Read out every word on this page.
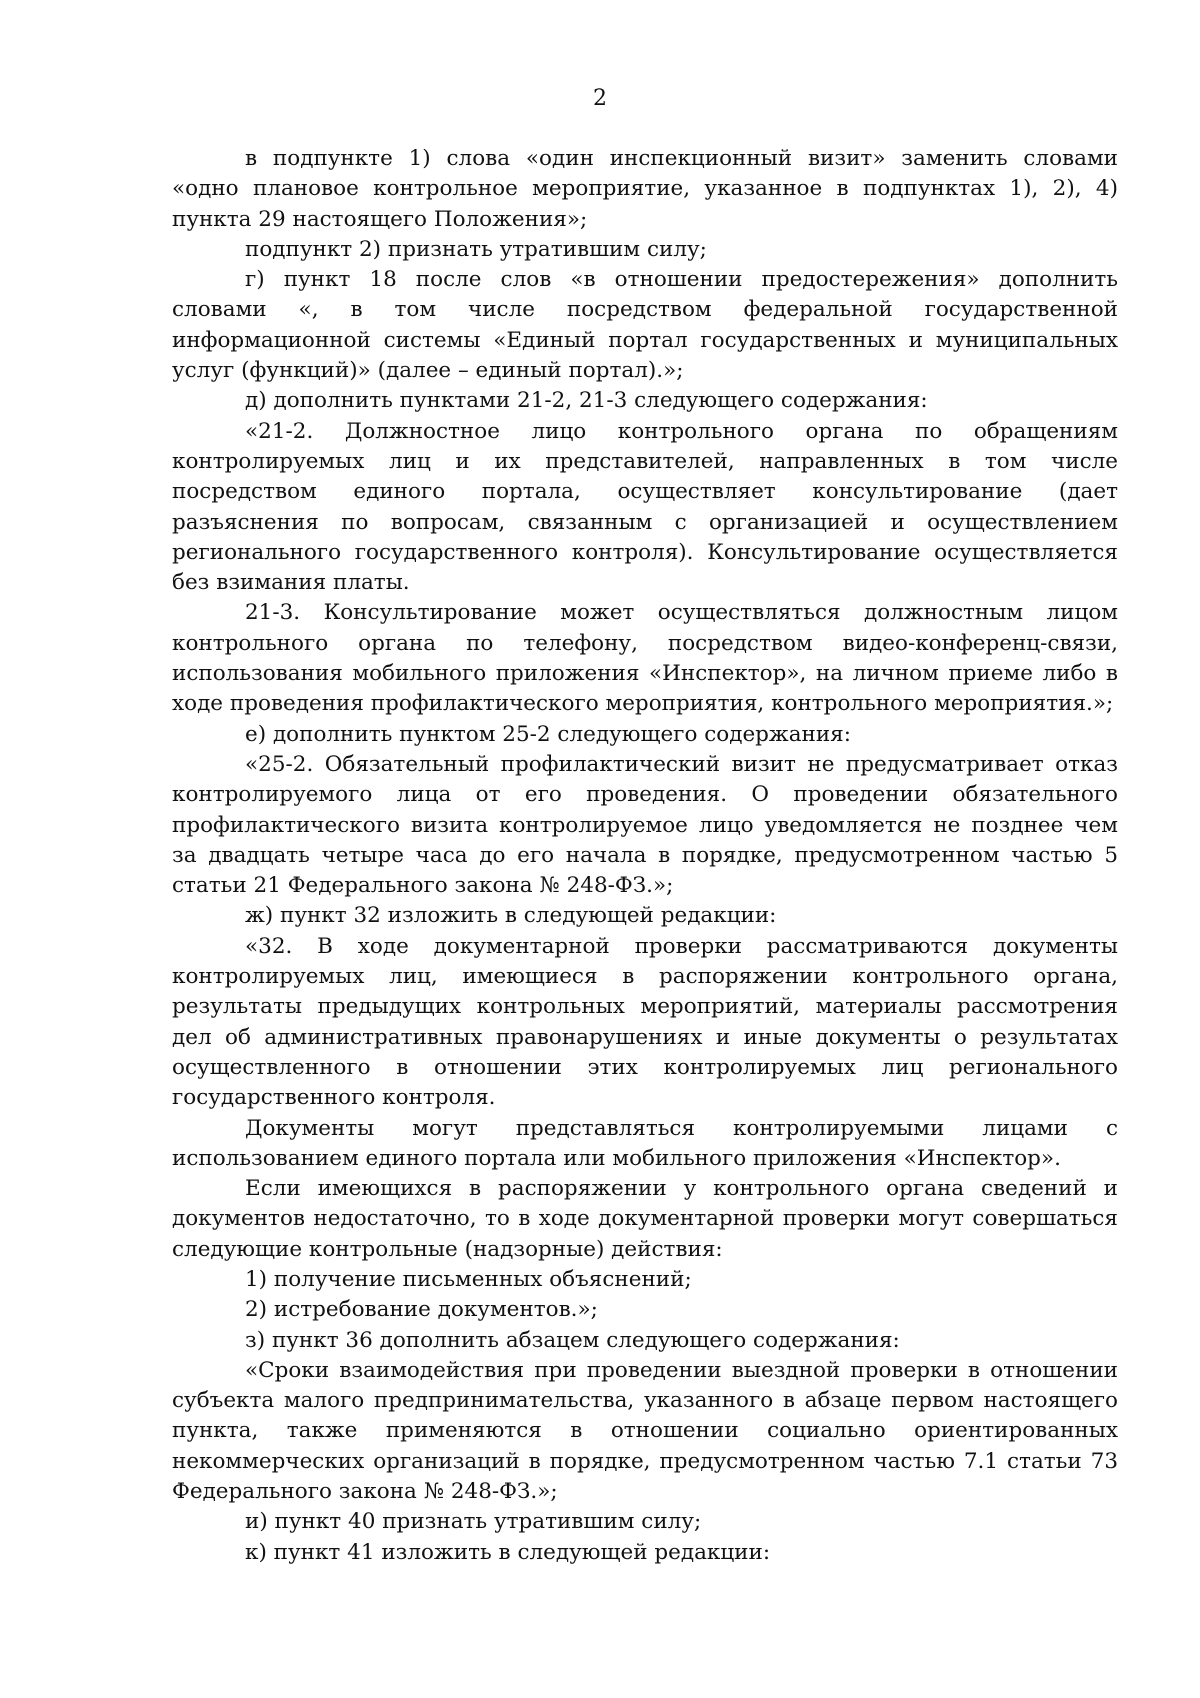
2

в подпункте 1) слова «один инспекционный визит» заменить словами «одно плановое контрольное мероприятие, указанное в подпунктах 1), 2), 4) пункта 29 настоящего Положения»;

подпункт 2) признать утратившим силу;

г) пункт 18 после слов «в отношении предостережения» дополнить словами «, в том числе посредством федеральной государственной информационной системы «Единый портал государственных и муниципальных услуг (функций)» (далее – единый портал).»;

д) дополнить пунктами 21-2, 21-3 следующего содержания:

«21-2. Должностное лицо контрольного органа по обращениям контролируемых лиц и их представителей, направленных в том числе посредством единого портала, осуществляет консультирование (дает разъяснения по вопросам, связанным с организацией и осуществлением регионального государственного контроля). Консультирование осуществляется без взимания платы.

21-3. Консультирование может осуществляться должностным лицом контрольного органа по телефону, посредством видео-конференц-связи, использования мобильного приложения «Инспектор», на личном приеме либо в ходе проведения профилактического мероприятия, контрольного мероприятия.»;

е) дополнить пунктом 25-2 следующего содержания:

«25-2. Обязательный профилактический визит не предусматривает отказ контролируемого лица от его проведения. О проведении обязательного профилактического визита контролируемое лицо уведомляется не позднее чем за двадцать четыре часа до его начала в порядке, предусмотренном частью 5 статьи 21 Федерального закона № 248-ФЗ.»;

ж) пункт 32 изложить в следующей редакции:

«32. В ходе документарной проверки рассматриваются документы контролируемых лиц, имеющиеся в распоряжении контрольного органа, результаты предыдущих контрольных мероприятий, материалы рассмотрения дел об административных правонарушениях и иные документы о результатах осуществленного в отношении этих контролируемых лиц регионального государственного контроля.

Документы могут представляться контролируемыми лицами с использованием единого портала или мобильного приложения «Инспектор».

Если имеющихся в распоряжении у контрольного органа сведений и документов недостаточно, то в ходе документарной проверки могут совершаться следующие контрольные (надзорные) действия:

1) получение письменных объяснений;

2) истребование документов.»;

з) пункт 36 дополнить абзацем следующего содержания:

«Сроки взаимодействия при проведении выездной проверки в отношении субъекта малого предпринимательства, указанного в абзаце первом настоящего пункта, также применяются в отношении социально ориентированных некоммерческих организаций в порядке, предусмотренном частью 7.1 статьи 73 Федерального закона № 248-ФЗ.»;

и) пункт 40 признать утратившим силу;

к) пункт 41 изложить в следующей редакции:
